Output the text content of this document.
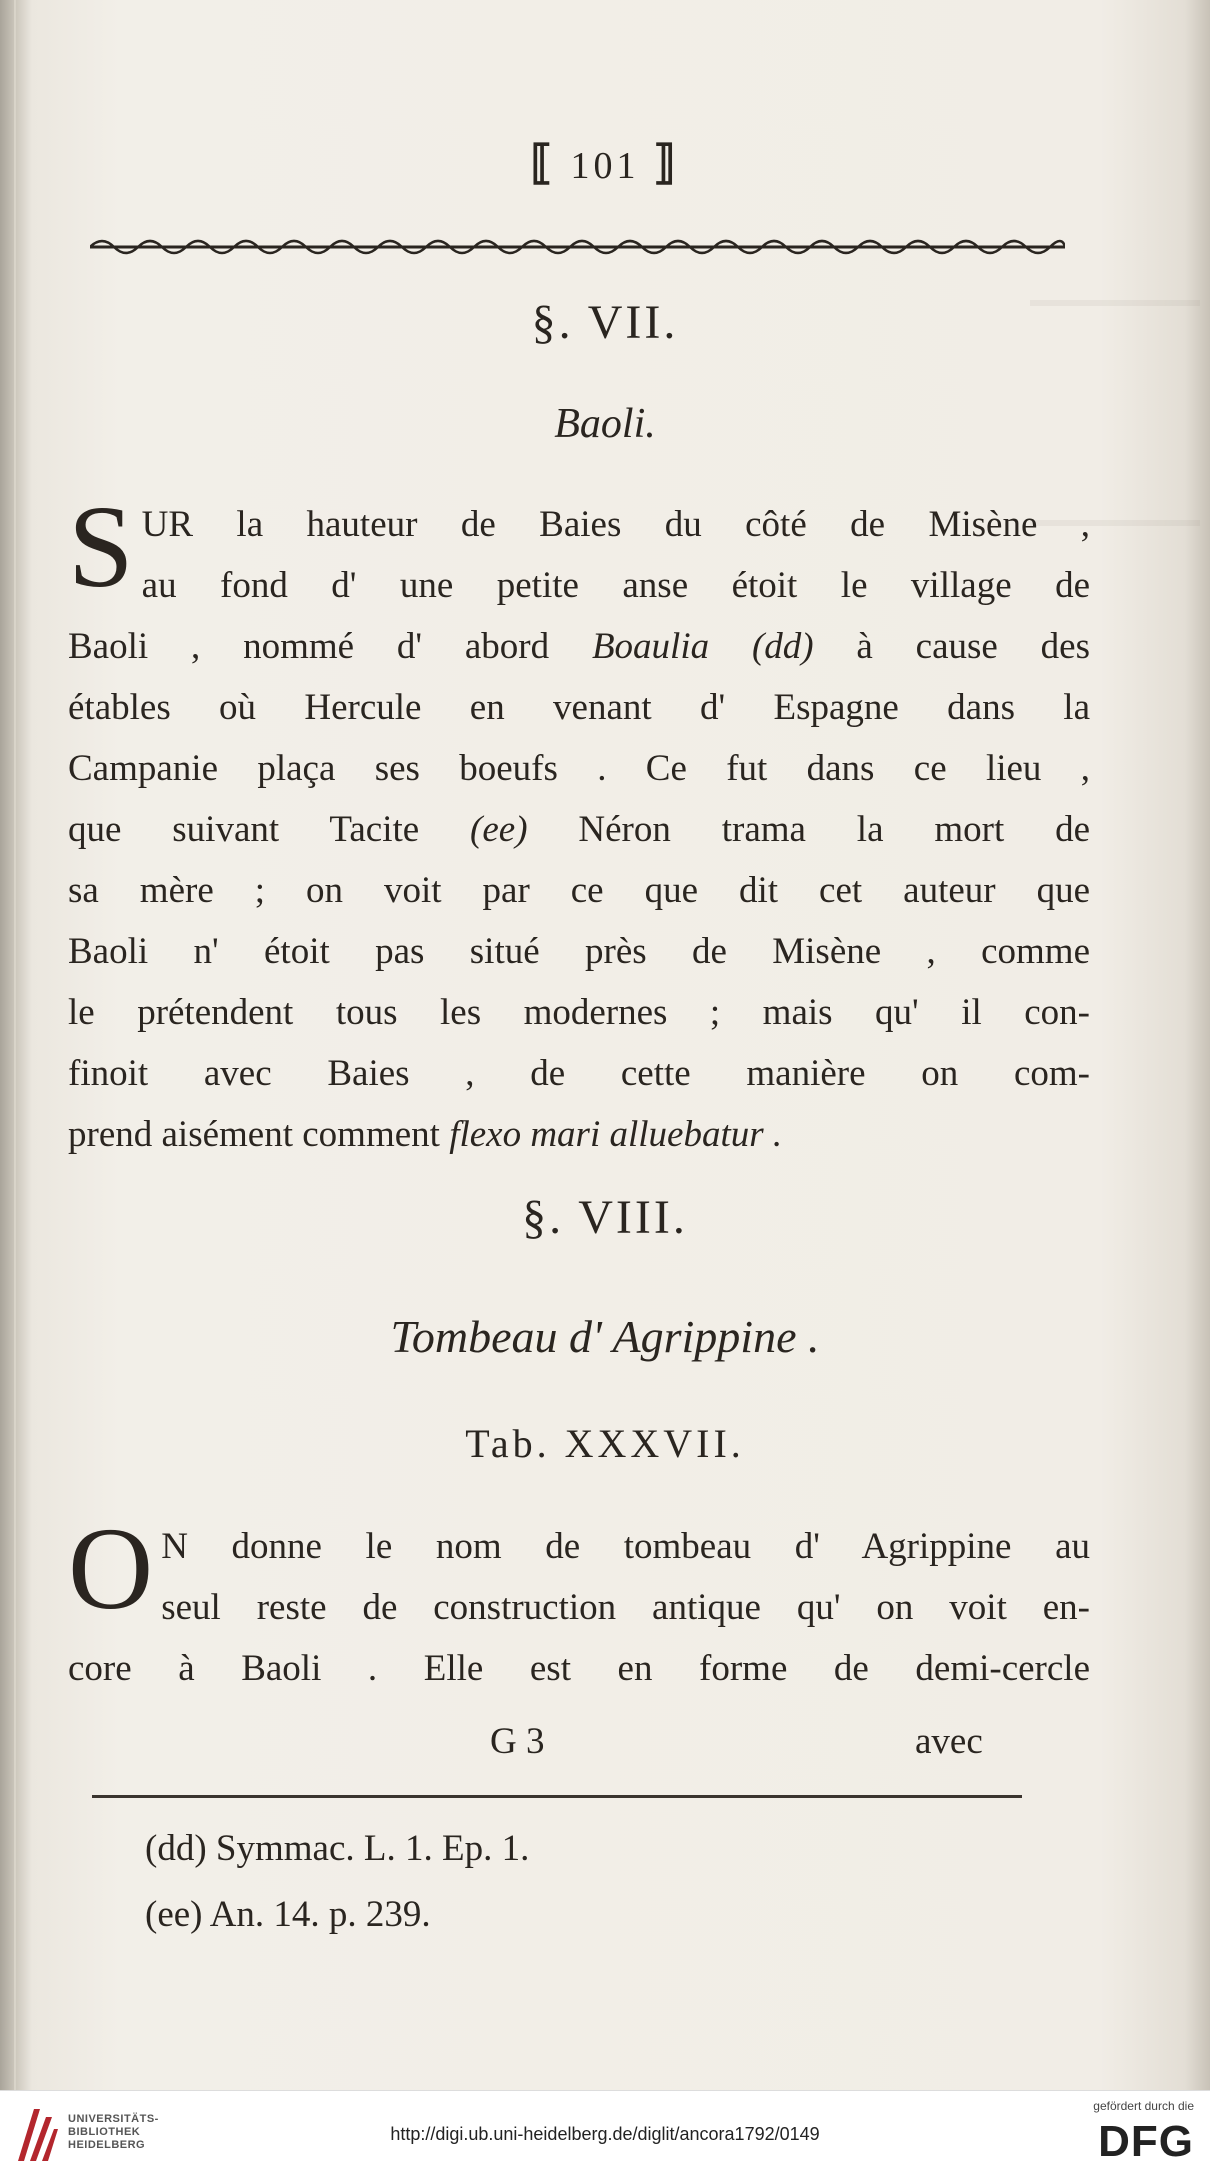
⟦ 101 ⟧
§. VII.
Baoli.
S UR la hauteur de Baies du côté de Misène ,
au fond d' une petite anse étoit le village de
Baoli , nommé d' abord Boaulia (dd) à cause des
étables où Hercule en venant d' Espagne dans la
Campanie plaça ses boeufs . Ce fut dans ce lieu ,
que suivant Tacite (ee) Néron trama la mort de
sa mère ; on voit par ce que dit cet auteur que
Baoli n' étoit pas situé près de Misène , comme
le prétendent tous les modernes ; mais qu' il con-
finoit avec Baies , de cette manière on com-
prend aisément comment flexo mari alluebatur .
§. VIII.
Tombeau d' Agrippine .
Tab. XXXVII.
O N donne le nom de tombeau d' Agrippine au
seul reste de construction antique qu' on voit en-
core à Baoli . Elle est en forme de demi-cercle
G 3	avec
(dd) Symmac. L. 1. Ep. 1.
(ee) An. 14. p. 239.
UNIVERSITÄTS-
BIBLIOTHEK
HEIDELBERG
http://digi.ub.uni-heidelberg.de/diglit/ancora1792/0149
gefördert durch die
DFG
